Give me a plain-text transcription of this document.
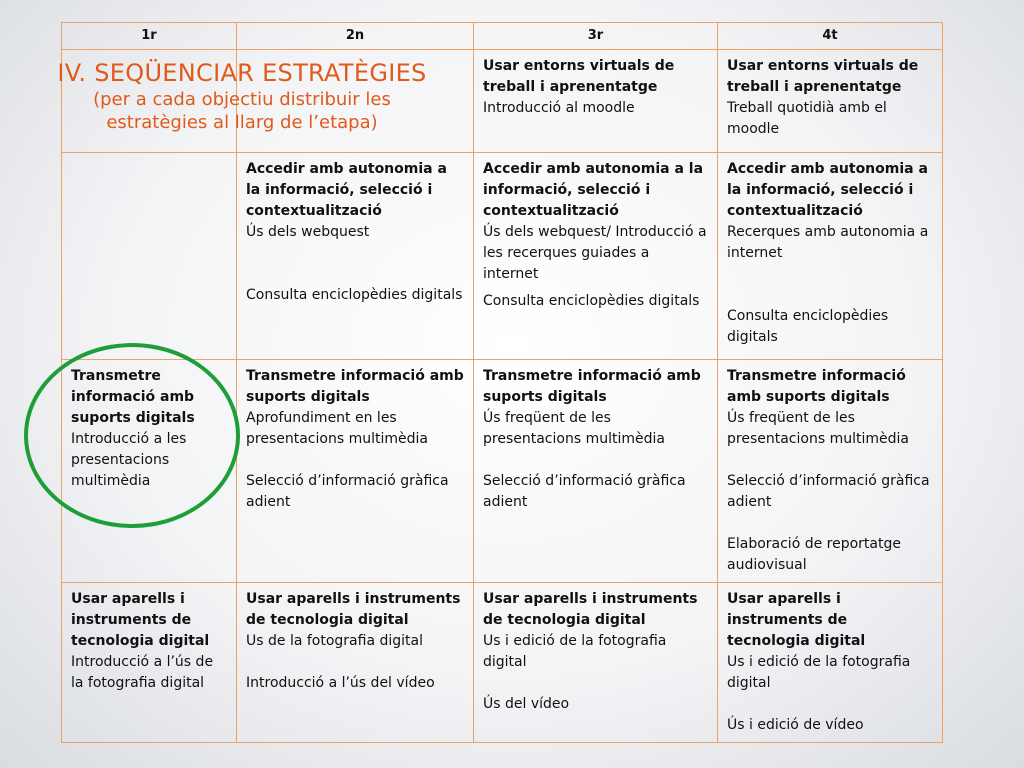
IV. SEQÜENCIAR ESTRATÈGIES
(per a cada objectiu distribuir les
estratègies al llarg de l’etapa)
1r	2n	3r	4t

		Usar entorns virtuals de treball i aprenentatge
Introducció al moodle	Usar entorns virtuals de treball i aprenentatge
Treball quotidià amb el moodle

	Accedir amb autonomia a la informació, selecció i contextualització
Ús dels webquest
Consulta enciclopèdies digitals	Accedir amb autonomia a la informació, selecció i contextualització
Ús dels webquest/ Introducció a les recerques guiades a internet
Consulta enciclopèdies digitals	Accedir amb autonomia a la informació, selecció i contextualització
Recerques amb autonomia a internet
Consulta enciclopèdies digitals

Transmetre informació amb suports digitals
Introducció a les presentacions multimèdia	Transmetre informació amb suports digitals
Aprofundiment en les presentacions multimèdia
Selecció d’informació gràfica adient	Transmetre informació amb suports digitals
Ús freqüent de les presentacions multimèdia
Selecció d’informació gràfica adient	Transmetre informació amb suports digitals
Ús freqüent de les presentacions multimèdia
Selecció d’informació gràfica adient
Elaboració de reportatge audiovisual

Usar aparells i instruments de tecnologia digital
Introducció a l’ús de la fotografia digital	Usar aparells i instruments de tecnologia digital
Us de la fotografia digital
Introducció a l’ús del vídeo	Usar aparells i instruments de tecnologia digital
Us i edició de la fotografia digital
Ús del vídeo	Usar aparells i instruments de tecnologia digital
Us i edició de la fotografia digital
Ús i edició de vídeo
